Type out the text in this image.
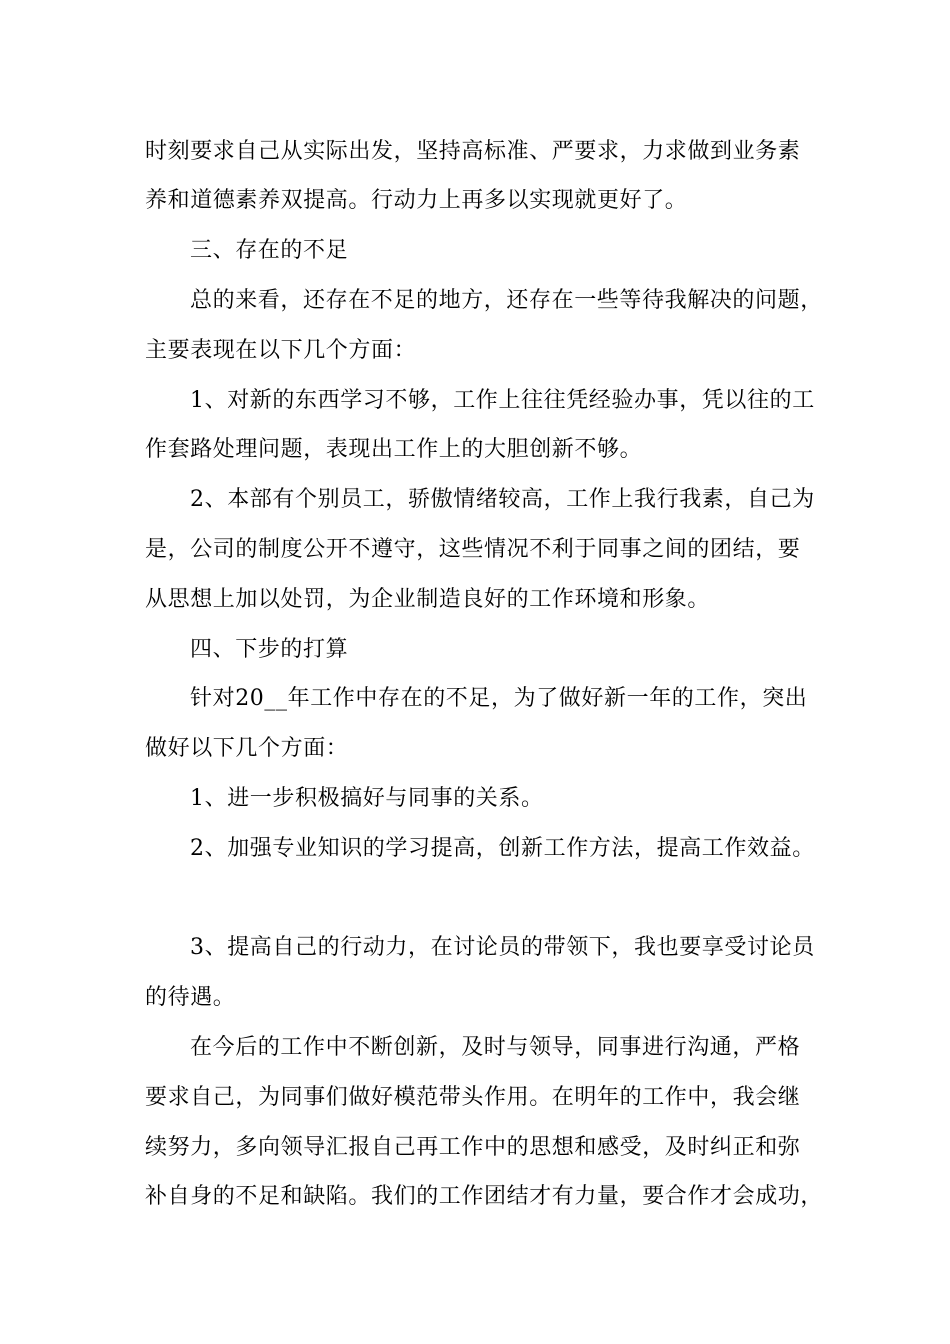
时刻要求自己从实际出发，坚持高标准、严要求，力求做到业务素
养和道德素养双提高。行动力上再多以实现就更好了。
三、存在的不足
总的来看，还存在不足的地方，还存在一些等待我解决的问题，
主要表现在以下几个方面：
1、对新的东西学习不够，工作上往往凭经验办事，凭以往的工
作套路处理问题，表现出工作上的大胆创新不够。
2、本部有个别员工，骄傲情绪较高，工作上我行我素，自己为
是，公司的制度公开不遵守，这些情况不利于同事之间的团结，要
从思想上加以处罚，为企业制造良好的工作环境和形象。
四、下步的打算
针对20__年工作中存在的不足，为了做好新一年的工作，突出
做好以下几个方面：
1、进一步积极搞好与同事的关系。
2、加强专业知识的学习提高，创新工作方法，提高工作效益。
3、提高自己的行动力，在讨论员的带领下，我也要享受讨论员
的待遇。
在今后的工作中不断创新，及时与领导，同事进行沟通，严格
要求自己，为同事们做好模范带头作用。在明年的工作中，我会继
续努力，多向领导汇报自己再工作中的思想和感受，及时纠正和弥
补自身的不足和缺陷。我们的工作团结才有力量，要合作才会成功，
